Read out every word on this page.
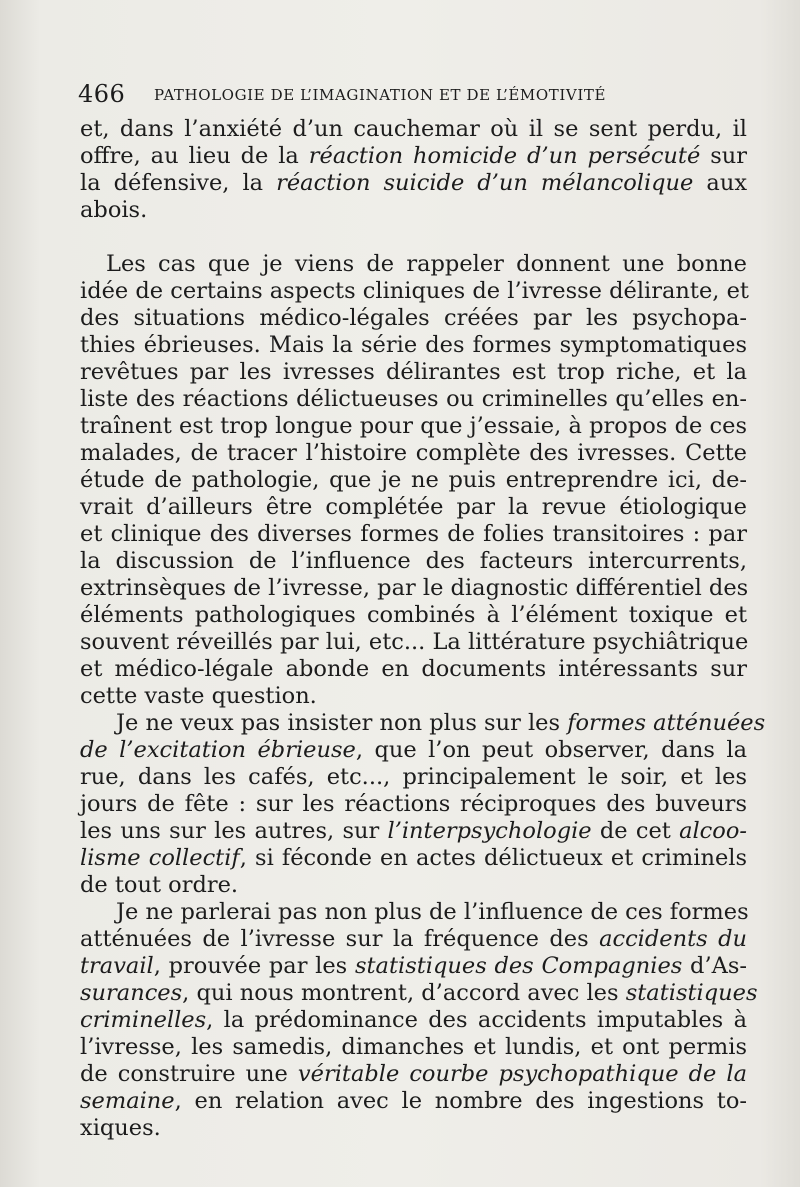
466 PATHOLOGIE DE L’IMAGINATION ET DE L’ÉMOTIVITÉ
et, dans l’anxiété d’un cauchemar où il se sent perdu, il
offre, au lieu de la réaction homicide d’un persécuté sur
la défensive, la réaction suicide d’un mélancolique aux
abois.
Les cas que je viens de rappeler donnent une bonne
idée de certains aspects cliniques de l’ivresse délirante, et
des situations médico-légales créées par les psychopa-
thies ébrieuses. Mais la série des formes symptomatiques
revêtues par les ivresses délirantes est trop riche, et la
liste des réactions délictueuses ou criminelles qu’elles en-
traînent est trop longue pour que j’essaie, à propos de ces
malades, de tracer l’histoire complète des ivresses. Cette
étude de pathologie, que je ne puis entreprendre ici, de-
vrait d’ailleurs être complétée par la revue étiologique
et clinique des diverses formes de folies transitoires : par
la discussion de l’influence des facteurs intercurrents,
extrinsèques de l’ivresse, par le diagnostic différentiel des
éléments pathologiques combinés à l’élément toxique et
souvent réveillés par lui, etc... La littérature psychiâtrique
et médico-légale abonde en documents intéressants sur
cette vaste question.
Je ne veux pas insister non plus sur les formes atténuées
de l’excitation ébrieuse, que l’on peut observer, dans la
rue, dans les cafés, etc..., principalement le soir, et les
jours de fête : sur les réactions réciproques des buveurs
les uns sur les autres, sur l’interpsychologie de cet alcoo-
lisme collectif, si féconde en actes délictueux et criminels
de tout ordre.
Je ne parlerai pas non plus de l’influence de ces formes
atténuées de l’ivresse sur la fréquence des accidents du
travail, prouvée par les statistiques des Compagnies d’As-
surances, qui nous montrent, d’accord avec les statistiques
criminelles, la prédominance des accidents imputables à
l’ivresse, les samedis, dimanches et lundis, et ont permis
de construire une véritable courbe psychopathique de la
semaine, en relation avec le nombre des ingestions to-
xiques.
